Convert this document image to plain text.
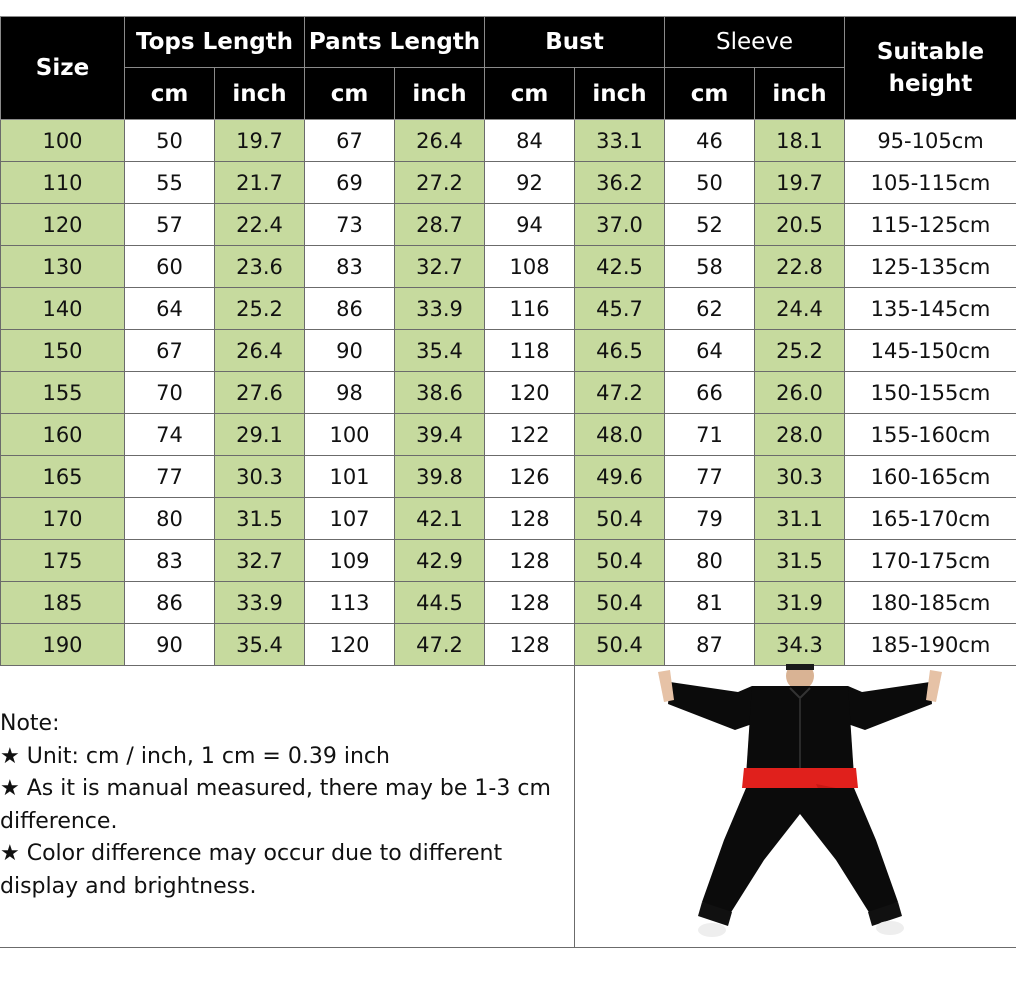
Size	Tops Length		Pants Length		Bust		Sleeve		Suitable
height
	cm	inch	cm	inch	cm	inch	cm	inch	
100	50	19.7	67	26.4	84	33.1	46	18.1	95-105cm
110	55	21.7	69	27.2	92	36.2	50	19.7	105-115cm
120	57	22.4	73	28.7	94	37.0	52	20.5	115-125cm
130	60	23.6	83	32.7	108	42.5	58	22.8	125-135cm
140	64	25.2	86	33.9	116	45.7	62	24.4	135-145cm
150	67	26.4	90	35.4	118	46.5	64	25.2	145-150cm
155	70	27.6	98	38.6	120	47.2	66	26.0	150-155cm
160	74	29.1	100	39.4	122	48.0	71	28.0	155-160cm
165	77	30.3	101	39.8	126	49.6	77	30.3	160-165cm
170	80	31.5	107	42.1	128	50.4	79	31.1	165-170cm
175	83	32.7	109	42.9	128	50.4	80	31.5	170-175cm
185	86	33.9	113	44.5	128	50.4	81	31.9	180-185cm
190	90	35.4	120	47.2	128	50.4	87	34.3	185-190cm
Note:
★ Unit: cm / inch, 1 cm = 0.39 inch
★ As it is manual measured, there may be 1-3 cm
difference.
★ Color difference may occur due to different
display and brightness.
